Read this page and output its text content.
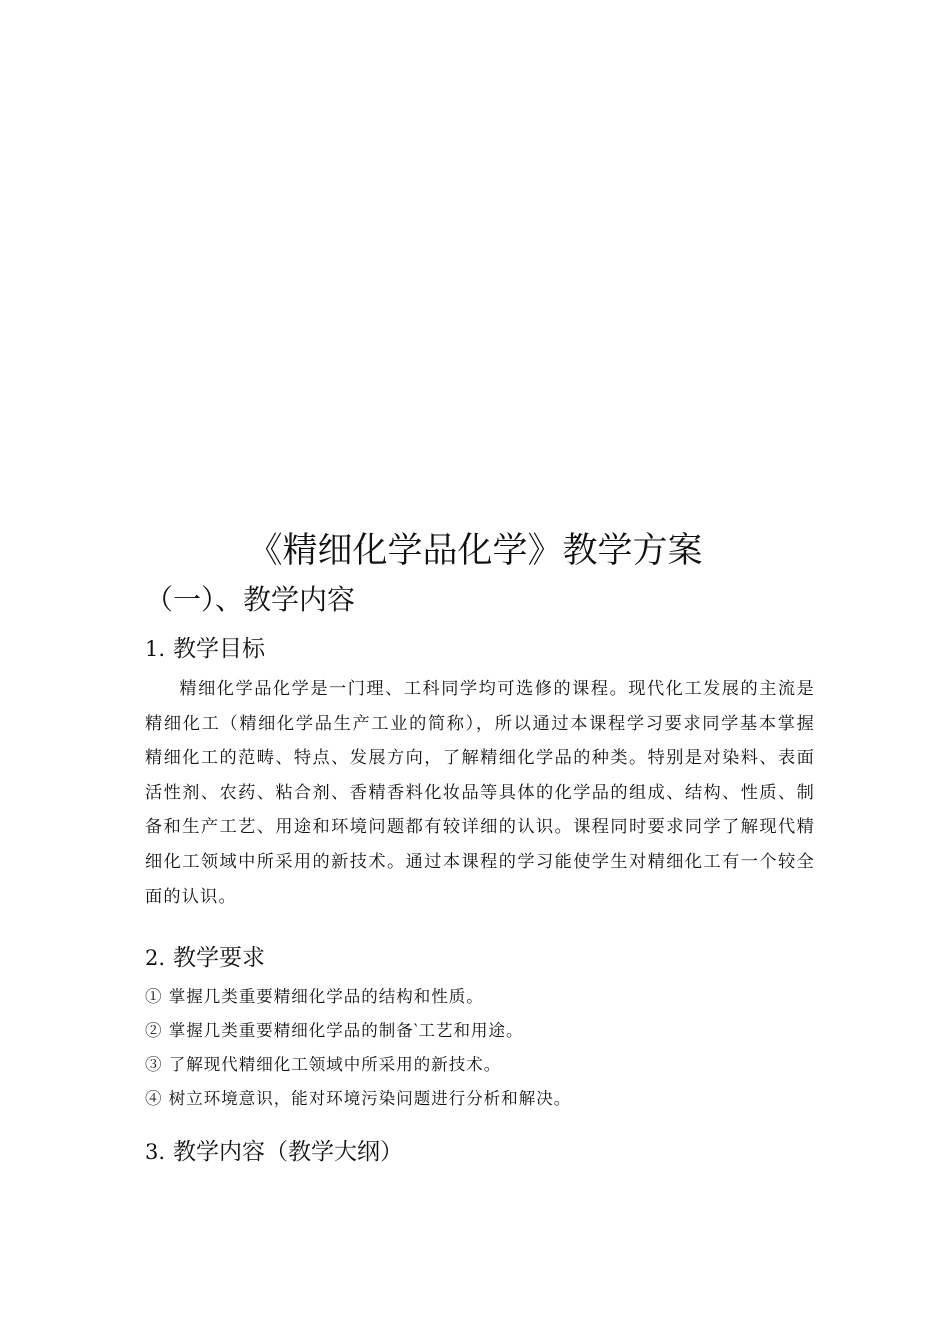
《精细化学品化学》教学方案
（一）、教学内容
1. 教学目标

精细化学品化学是一门理、工科同学均可选修的课程。现代化工发展的主流是精细化工（精细化学品生产工业的简称），所以通过本课程学习要求同学基本掌握精细化工的范畴、特点、发展方向，了解精细化学品的种类。特别是对染料、表面活性剂、农药、粘合剂、香精香料化妆品等具体的化学品的组成、结构、性质、制备和生产工艺、用途和环境问题都有较详细的认识。课程同时要求同学了解现代精细化工领域中所采用的新技术。通过本课程的学习能使学生对精细化工有一个较全面的认识。

2. 教学要求
① 掌握几类重要精细化学品的结构和性质。
② 掌握几类重要精细化学品的制备‵工艺和用途。
③ 了解现代精细化工领域中所采用的新技术。
④ 树立环境意识，能对环境污染问题进行分析和解决。
3. 教学内容（教学大纲）
